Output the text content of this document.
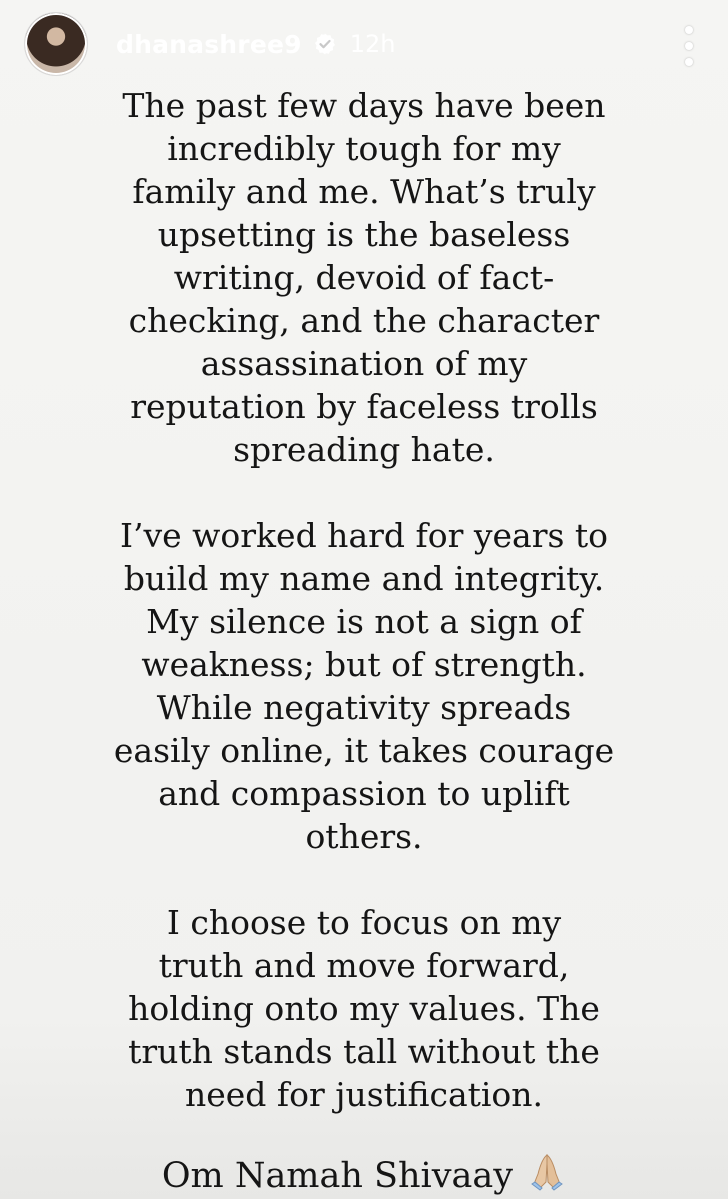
dhanashree9 12h

The past few days have been
incredibly tough for my
family and me. What’s truly
upsetting is the baseless
writing, devoid of fact-
checking, and the character
assassination of my
reputation by faceless trolls
spreading hate.

I’ve worked hard for years to
build my name and integrity.
My silence is not a sign of
weakness; but of strength.
While negativity spreads
easily online, it takes courage
and compassion to uplift
others.

I choose to focus on my
truth and move forward,
holding onto my values. The
truth stands tall without the
need for justification.

Om Namah Shivaay
